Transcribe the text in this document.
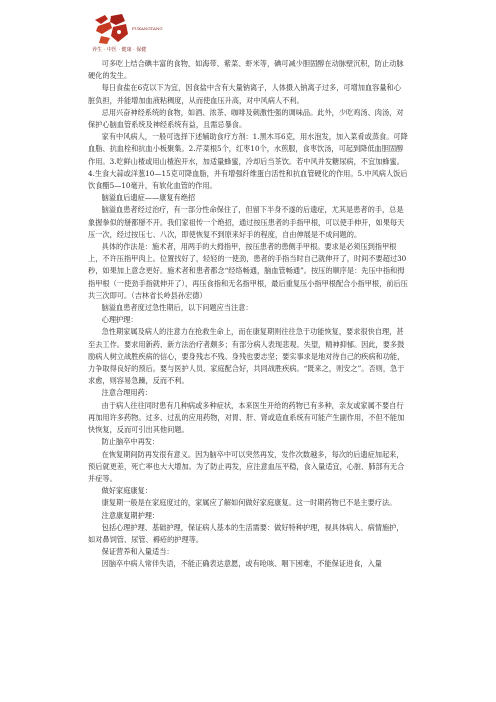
FUKANGTANG
养生 · 中医 · 健康 · 保健

可多吃上结合碘丰富的食物，如海带、紫菜、虾米等，碘可减少胆固醇在动脉壁沉积，防止动脉硬化的发生。

每日食盐在6克以下为宜，因食盐中含有大量钠离子，人体摄入钠离子过多，可增加血容量和心脏负担，并能增加血液粘稠度，从而使血压升高，对中风病人不利。

忌用兴奋神经系统的食物，如酒、浓茶、咖啡及刺激性强的调味品。此外，少吃鸡汤、肉汤，对保护心脑血管系统及神经系统有益，且需忌暴食。

家有中风病人，一般可选择下述辅助食疗方剂：1.黑木耳6克，用水泡发，加入菜肴或蒸食。可降血脂、抗血栓和抗血小板聚集。2.芹菜根5个，红枣10个，水煎服，食枣饮汤，可起到降低血胆固醇作用。3.吃鲜山楂或用山楂泡开水，加适量蜂蜜，冷却后当茶饮。若中风并发糖尿病，不宜加蜂蜜。4.生食大蒜或洋葱10—15克可降血脂，并有增强纤维蛋白活性和抗血管硬化的作用。5.中风病人饭后饮食醋5—10毫升，有软化血管的作用。

脑溢血后遗症——康复有绝招

脑溢血患者经过治疗，有一部分性命保住了，但留下半身不遂的后遗症，尤其是患者的手，总是象握拳似的掰都掰不开。我们家祖传一个绝招，通过按压患者的手指甲根，可以使手伸开，如果每天压一次，经过按压七、八次，即使恢复不到原来好手的程度，自由伸展是不成问题的。

具体的作法是：施术者，用两手的大拇指甲，按压患者的患侧手甲根。要求是必须压到指甲根上，不许压指甲肉上。位置找好了，轻轻的一使劲，患者的手指当时自己就伸开了，时间不要超过30秒，如果加上意念更好。施术者和患者都念“经络畅通，脑血管畅通”。按压的顺序是：先压中指和拇指甲根（一使劲手指就伸开了），再压食指和无名指甲根，最后重复压小指甲根配合小指甲根，前后压共三次即可。（吉林省长岭县孙宏德）

脑溢血患者度过急性期后，以下问题应当注意：

心理护理：

急性期家属及病人的注意力在抢救生命上，而在康复期则往往急于功能恢复，要求很快自理，甚至去工作。要求用新药、新方法治疗者颇多；有部分病人表现悲观、失望，精神抑郁。因此，要多鼓励病人树立战胜疾病的信心，要身残志不残、身残也要志坚；要实事求是地对待自己的疾病和功能，力争取得良好的预后。要与医护人员、家庭配合好，共同战胜疾病。“既来之，则安之”。否则，急于求愈，则容易急躁，反而不利。

注意合理用药：

由于病人往往同时患有几种病或多种症状，本来医生开给的药物已有多种，亲友或家属不要自行再加用许多药物。过多、过乱的应用药物，对胃、肝、肾或造血系统有可能产生副作用，不但不能加快恢复，反而可引出其他问题。

防止脑卒中再发：

在恢复期间防再发很有意义。因为脑卒中可以突然再发，发作次数越多，每次的后遗症加起来，预后就更差，死亡率也大大增加。为了防止再发，应注意血压平稳，食入量适宜，心脏、肺部有无合并症等。

做好家庭康复：

康复期一般是在家庭度过的，家属应了解如何做好家庭康复。这一时期药物已不是主要疗法。

注意康复期护理：

包括心理护理、基础护理，保证病人基本的生活需要：做好特种护理，视具体病人、病情施护，如对鼻饲管、尿管、褥疮的护理等。

保证营养和入量适当：

因脑卒中病人常伴失语，不能正确表达意愿，或有呛咳、咽下困难，不能保证进食，入量
